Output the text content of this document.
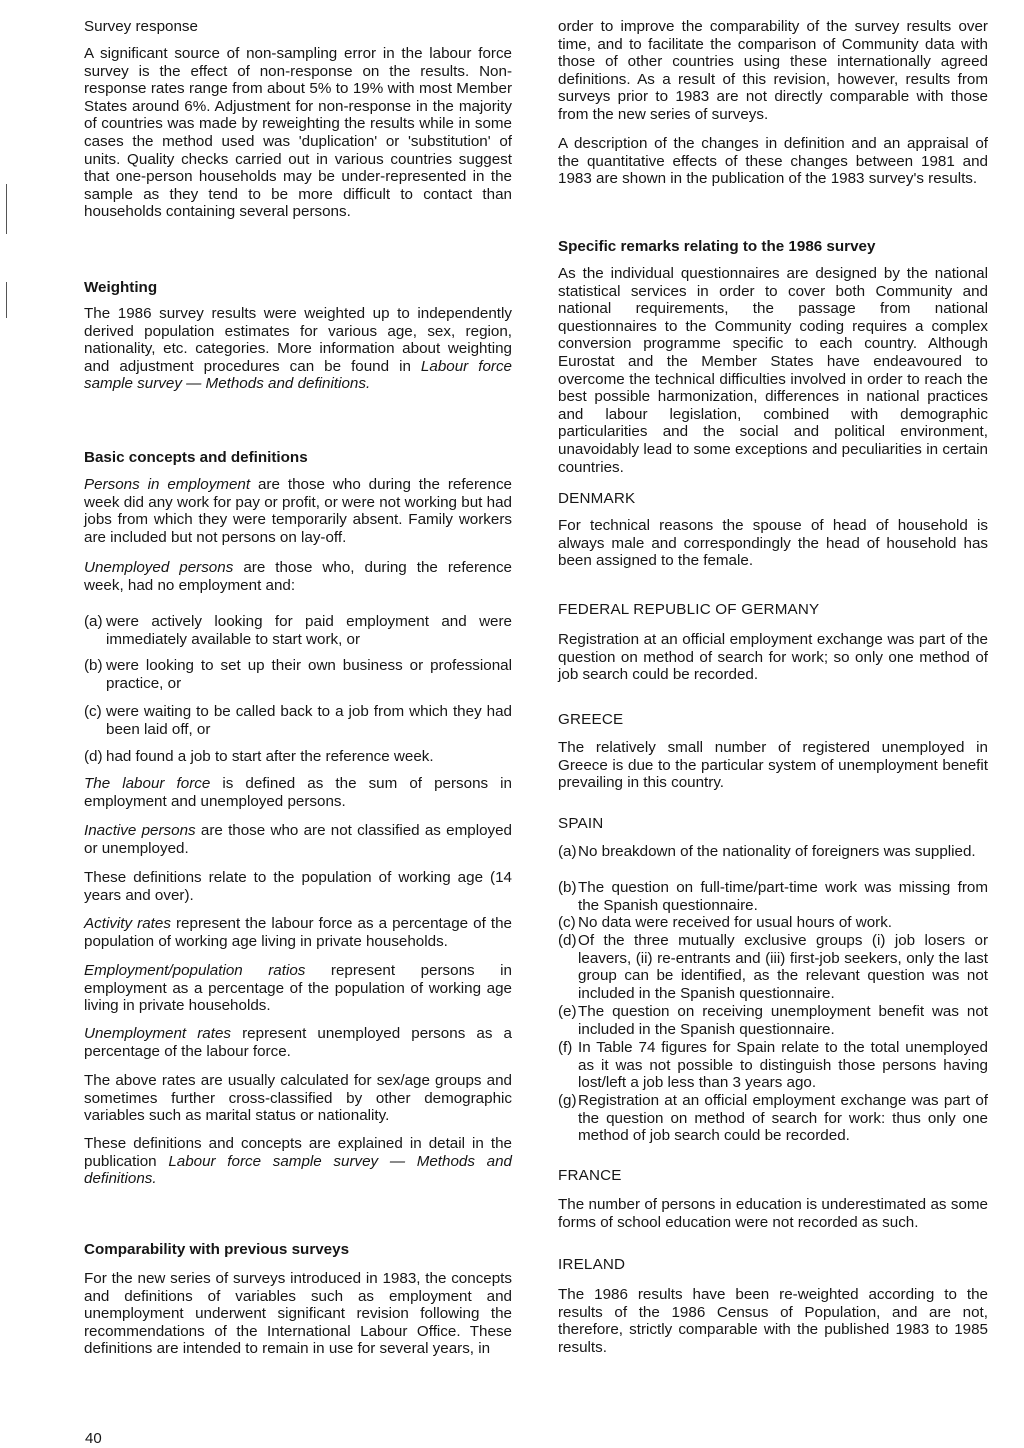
Survey response

A significant source of non-sampling error in the labour force survey is the effect of non-response on the results. Non-response rates range from about 5% to 19% with most Member States around 6%. Adjustment for non-response in the majority of countries was made by reweighting the results while in some cases the method used was 'duplication' or 'substitution' of units. Quality checks carried out in various countries suggest that one-person households may be under-represented in the sample as they tend to be more difficult to contact than households containing several persons.

Weighting

The 1986 survey results were weighted up to independently derived population estimates for various age, sex, region, nationality, etc. categories. More information about weighting and adjustment procedures can be found in Labour force sample survey — Methods and definitions.

Basic concepts and definitions

Persons in employment are those who during the reference week did any work for pay or profit, or were not working but had jobs from which they were temporarily absent. Family workers are included but not persons on lay-off.

Unemployed persons are those who, during the reference week, had no employment and:

(a) were actively looking for paid employment and were immediately available to start work, or

(b) were looking to set up their own business or professional practice, or

(c) were waiting to be called back to a job from which they had been laid off, or

(d) had found a job to start after the reference week.

The labour force is defined as the sum of persons in employment and unemployed persons.

Inactive persons are those who are not classified as employed or unemployed.

These definitions relate to the population of working age (14 years and over).

Activity rates represent the labour force as a percentage of the population of working age living in private households.

Employment/population ratios represent persons in employment as a percentage of the population of working age living in private households.

Unemployment rates represent unemployed persons as a percentage of the labour force.

The above rates are usually calculated for sex/age groups and sometimes further cross-classified by other demographic variables such as marital status or nationality.

These definitions and concepts are explained in detail in the publication Labour force sample survey — Methods and definitions.

Comparability with previous surveys

For the new series of surveys introduced in 1983, the concepts and definitions of variables such as employment and unemployment underwent significant revision following the recommendations of the International Labour Office. These definitions are intended to remain in use for several years, in

order to improve the comparability of the survey results over time, and to facilitate the comparison of Community data with those of other countries using these internationally agreed definitions. As a result of this revision, however, results from surveys prior to 1983 are not directly comparable with those from the new series of surveys.

A description of the changes in definition and an appraisal of the quantitative effects of these changes between 1981 and 1983 are shown in the publication of the 1983 survey's results.

Specific remarks relating to the 1986 survey

As the individual questionnaires are designed by the national statistical services in order to cover both Community and national requirements, the passage from national questionnaires to the Community coding requires a complex conversion programme specific to each country. Although Eurostat and the Member States have endeavoured to overcome the technical difficulties involved in order to reach the best possible harmonization, differences in national practices and labour legislation, combined with demographic particularities and the social and political environment, unavoidably lead to some exceptions and peculiarities in certain countries.

DENMARK

For technical reasons the spouse of head of household is always male and correspondingly the head of household has been assigned to the female.

FEDERAL REPUBLIC OF GERMANY

Registration at an official employment exchange was part of the question on method of search for work; so only one method of job search could be recorded.

GREECE

The relatively small number of registered unemployed in Greece is due to the particular system of unemployment benefit prevailing in this country.

SPAIN
(a) No breakdown of the nationality of foreigners was supplied.

(b) The question on full-time/part-time work was missing from the Spanish questionnaire.

(c) No data were received for usual hours of work.

(d) Of the three mutually exclusive groups (i) job losers or leavers, (ii) re-entrants and (iii) first-job seekers, only the last group can be identified, as the relevant question was not included in the Spanish questionnaire.

(e) The question on receiving unemployment benefit was not included in the Spanish questionnaire.

(f) In Table 74 figures for Spain relate to the total unemployed as it was not possible to distinguish those persons having lost/left a job less than 3 years ago.

(g) Registration at an official employment exchange was part of the question on method of search for work: thus only one method of job search could be recorded.

FRANCE

The number of persons in education is underestimated as some forms of school education were not recorded as such.

IRELAND

The 1986 results have been re-weighted according to the results of the 1986 Census of Population, and are not, therefore, strictly comparable with the published 1983 to 1985 results.

40
